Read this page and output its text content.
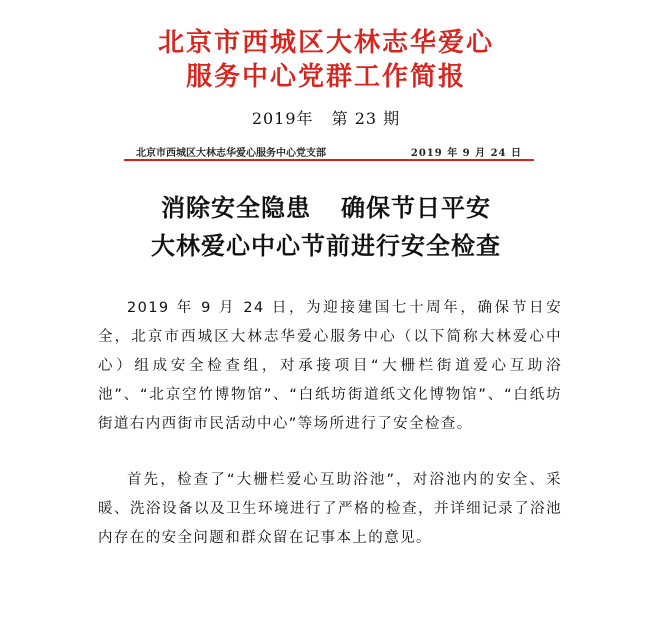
北京市西城区大林志华爱心
服务中心党群工作简报
2019年 第 23 期
北京市西城区大林志华爱心服务中心党支部	2019 年 9 月 24 日
消除安全隐患 确保节日平安
大林爱心中心节前进行安全检查
2019 年 9 月 24 日，为迎接建国七十周年，确保节日安全，北京市西城区大林志华爱心服务中心（以下简称大林爱心中心）组成安全检查组，对承接项目“大栅栏街道爱心互助浴池”、“北京空竹博物馆”、“白纸坊街道纸文化博物馆”、“白纸坊街道右内西街市民活动中心”等场所进行了安全检查。
首先，检查了“大栅栏爱心互助浴池”，对浴池内的安全、采暖、洗浴设备以及卫生环境进行了严格的检查，并详细记录了浴池内存在的安全问题和群众留在记事本上的意见。
